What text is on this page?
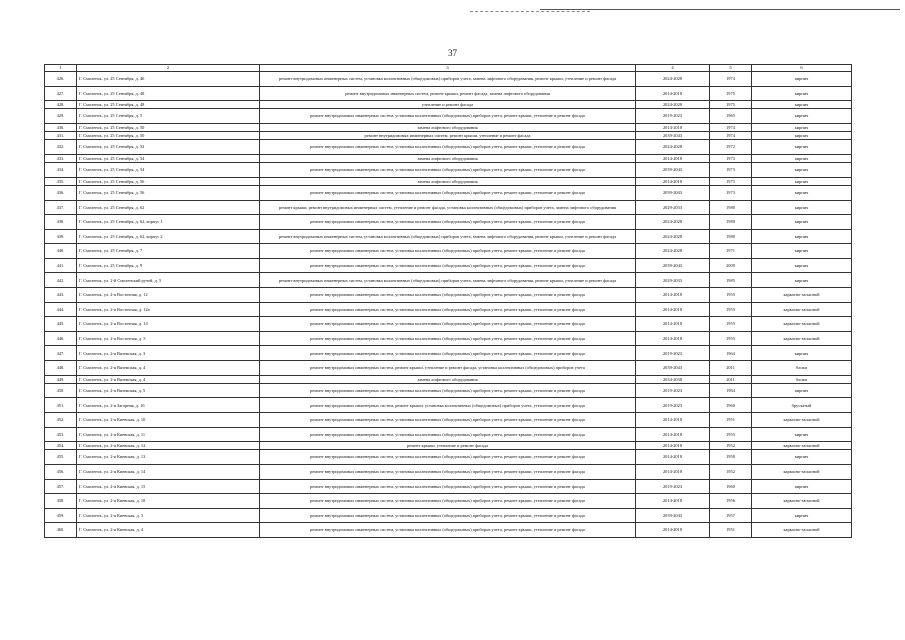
37
1	2	3	4	5	6
426.	Г. Смоленск, ул. 25 Сентября, д. 46	ремонт внутридомовых инженерных систем, установка коллективных (общедомовых) приборов учета, замена лифтового оборудования, ремонт крыши, утепление и ремонт фасада	2024-2028	1974	кирпич
427.	Г. Смоленск, ул. 25 Сентября, д. 48	ремонт внутридомовых инженерных систем, ремонт крыши, ремонт фасада, замена лифтового оборудования	2014-2018	1975	кирпич
428.	Г. Смоленск, ул. 25 Сентября, д. 48	утепление и ремонт фасада	2024-2028	1975	кирпич
429.	Г. Смоленск, ул. 25 Сентября, д. 5	ремонт внутридомовых инженерных систем, установка коллективных (общедомовых) приборов учета, ремонт крыши, утепление и ремонт фасада	2019-2023	1965	кирпич
430.	Г. Смоленск, ул. 25 Сентября, д. 50	замена лифтового оборудования	2014-2018	1974	кирпич
431.	Г. Смоленск, ул. 25 Сентября, д. 50	ремонт внутридомовых инженерных систем, ремонт крыши, утепление и ремонт фасада	2039-2043	1974	кирпич
432.	Г. Смоленск, ул. 25 Сентября, д. 52	ремонт внутридомовых инженерных систем, установка коллективных (общедомовых) приборов учета, ремонт крыши, утепление и ремонт фасада	2024-2028	1972	кирпич
433.	Г. Смоленск, ул. 25 Сентября, д. 54	замена лифтового оборудования	2014-2018	1973	кирпич
434.	Г. Смоленск, ул. 25 Сентября, д. 54	ремонт внутридомовых инженерных систем, установка коллективных (общедомовых) приборов учета, ремонт крыши, утепление и ремонт фасада	2039-2043	1973	кирпич
435.	Г. Смоленск, ул. 25 Сентября, д. 56	замена лифтового оборудования	2014-2018	1973	кирпич
436.	Г. Смоленск, ул. 25 Сентября, д. 56	ремонт внутридомовых инженерных систем, установка коллективных (общедомовых) приборов учета, ремонт крыши, утепление и ремонт фасада	2039-2043	1973	кирпич
437.	Г. Смоленск, ул. 25 Сентября, д. 62	ремонт крыши, ремонт внутридомовых инженерных систем, утепление и ремонт фасада, установка коллективных (общедомовых) приборов учета, замена лифтового оборудования	2029-2033	1980	кирпич
438.	Г. Смоленск, ул. 25 Сентября, д. 62, корпус 1	ремонт внутридомовых инженерных систем, установка коллективных (общедомовых) приборов учета, ремонт крыши, утепление и ремонт фасада	2024-2028	1980	кирпич
439.	Г. Смоленск, ул. 25 Сентября, д. 62, корпус 2	ремонт внутридомовых инженерных систем, установка коллективных (общедомовых) приборов учета, замена лифтового оборудования, ремонт крыши, утепление и ремонт фасада	2024-2028	1980	кирпич
440.	Г. Смоленск, ул. 25 Сентября, д. 7	ремонт внутридомовых инженерных систем, установка коллективных (общедомовых) приборов учета, ремонт крыши, утепление и ремонт фасада	2024-2028	1971	кирпич
441.	Г. Смоленск, ул. 25 Сентября, д. 9	ремонт внутридомовых инженерных систем, установка коллективных (общедомовых) приборов учета, ремонт крыши, утепление и ремонт фасада	2039-2043	2009	кирпич
442.	Г. Смоленск, ул. 2-й Смоленский ручей, д. 5	ремонт внутридомовых инженерных систем, установка коллективных (общедомовых) приборов учета, замена лифтового оборудования, ремонт крыши, утепление и ремонт фасада	2029-2033	1985	кирпич
443.	Г. Смоленск, ул. 2-я Восточная, д. 12	ремонт внутридомовых инженерных систем, установка коллективных (общедомовых) приборов учета, ремонт крыши, утепление и ремонт фасада	2014-2018	1955	каркасно-засыпной
444.	Г. Смоленск, ул. 2-я Восточная, д. 12а	ремонт внутридомовых инженерных систем, установка коллективных (общедомовых) приборов учета, ремонт крыши, утепление и ремонт фасада	2014-2018	1955	каркасно-засыпной
445.	Г. Смоленск, ул. 2-я Восточная, д. 14	ремонт внутридомовых инженерных систем, установка коллективных (общедомовых) приборов учета, ремонт крыши, утепление и ремонт фасада	2014-2018	1955	каркасно-засыпной
446.	Г. Смоленск, ул. 2-я Восточная, д. 5	ремонт внутридомовых инженерных систем, установка коллективных (общедомовых) приборов учета, ремонт крыши, утепление и ремонт фасада	2014-2018	1955	каркасно-засыпной
447.	Г. Смоленск, ул. 2-я Вяземская, д. 3	ремонт внутридомовых инженерных систем, установка коллективных (общедомовых) приборов учета, ремонт крыши, утепление и ремонт фасада	2019-2023	1964	кирпич
448.	Г. Смоленск, ул. 2-я Вяземская, д. 4	ремонт внутридомовых инженерных систем, ремонт крыши, утепление и ремонт фасада, установка коллективных (общедомовых) приборов учета	2039-2043	2011	блоки
449.	Г. Смоленск, ул. 2-я Вяземская, д. 4	замена лифтового оборудования	2034-2038	2011	блоки
450.	Г. Смоленск, ул. 2-я Вяземская, д. 5	ремонт внутридомовых инженерных систем, установка коллективных (общедомовых) приборов учета, ремонт крыши, утепление и ремонт фасада	2019-2023	1964	кирпич
451.	Г. Смоленск, ул. 2-я Загорная, д. 16	ремонт внутридомовых инженерных систем, ремонт крыши, установка коллективных (общедомовых) приборов учета, утепление и ремонт фасада	2019-2023	1960	брусчатый
452.	Г. Смоленск, ул. 2-я Киевская, д. 10	ремонт внутридомовых инженерных систем, установка коллективных (общедомовых) приборов учета, ремонт крыши, утепление и ремонт фасада	2014-2018	1951	каркасно-засыпной
453.	Г. Смоленск, ул. 2-я Киевская, д. 11	ремонт внутридомовых инженерных систем, установка коллективных (общедомовых) приборов учета, ремонт крыши, утепление и ремонт фасада	2014-2018	1955	кирпич
454.	Г. Смоленск, ул. 2-я Киевская, д. 12	ремонт крыши, утепление и ремонт фасада	2014-2018	1952	каркасно-засыпной
455.	Г. Смоленск, ул. 2-я Киевская, д. 13	ремонт внутридомовых инженерных систем, установка коллективных (общедомовых) приборов учета, ремонт крыши, утепление и ремонт фасада	2014-2018	1958	кирпич
456.	Г. Смоленск, ул. 2-я Киевская, д. 14	ремонт внутридомовых инженерных систем, установка коллективных (общедомовых) приборов учета, ремонт крыши, утепление и ремонт фасада	2014-2018	1952	каркасно-засыпной
457.	Г. Смоленск, ул. 2-я Киевская, д. 15	ремонт внутридомовых инженерных систем, установка коллективных (общедомовых) приборов учета, ремонт крыши, утепление и ремонт фасада	2019-2023	1960	кирпич
458.	Г. Смоленск, ул. 2-я Киевская, д. 18	ремонт внутридомовых инженерных систем, установка коллективных (общедомовых) приборов учета, ремонт крыши, утепление и ремонт фасада	2014-2018	1956	каркасно-засыпной
459.	Г. Смоленск, ул. 2-я Киевская, д. 3	ремонт внутридомовых инженерных систем, установка коллективных (общедомовых) приборов учета, ремонт крыши, утепление и ремонт фасада	2039-2043	1957	кирпич
460.	Г. Смоленск, ул. 2-я Киевская, д. 4	ремонт внутридомовых инженерных систем, установка коллективных (общедомовых) приборов учета, ремонт крыши, утепление и ремонт фасада	2014-2018	1951	каркасно-засыпной
